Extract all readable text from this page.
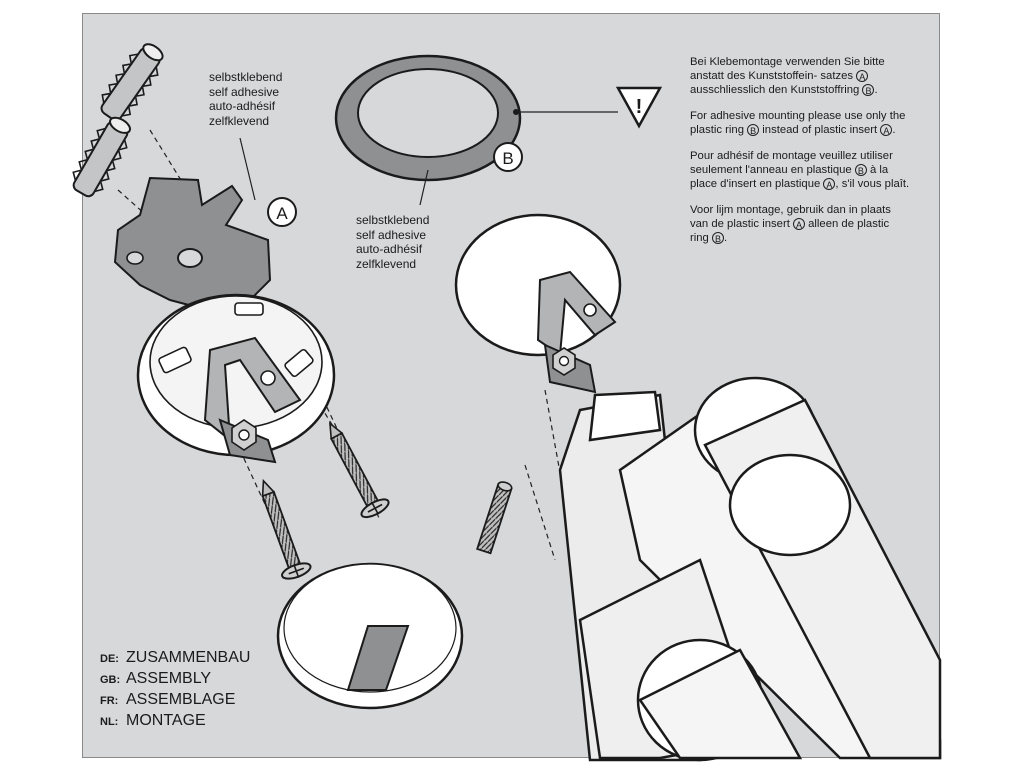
A
B
!
selbstklebend
self adhesive
auto-adhésif
zelfklevend
selbstklebend
self adhesive
auto-adhésif
zelfklevend

Bei Klebemontage verwenden Sie bitte anstatt des Kunststoffein- satzes A ausschliesslich den Kunststoffring B .

For adhesive mounting please use only the plastic ring B instead of plastic insert A .

Pour adhésif de montage veuillez utiliser seulement l'anneau en plastique B à la place d'insert en plastique A , s'il vous plaît.

Voor lijm montage, gebruik dan in plaats van de plastic insert A alleen de plastic ring B .

DE: ZUSAMMENBAU
GB: ASSEMBLY
FR: ASSEMBLAGE
NL: MONTAGE
